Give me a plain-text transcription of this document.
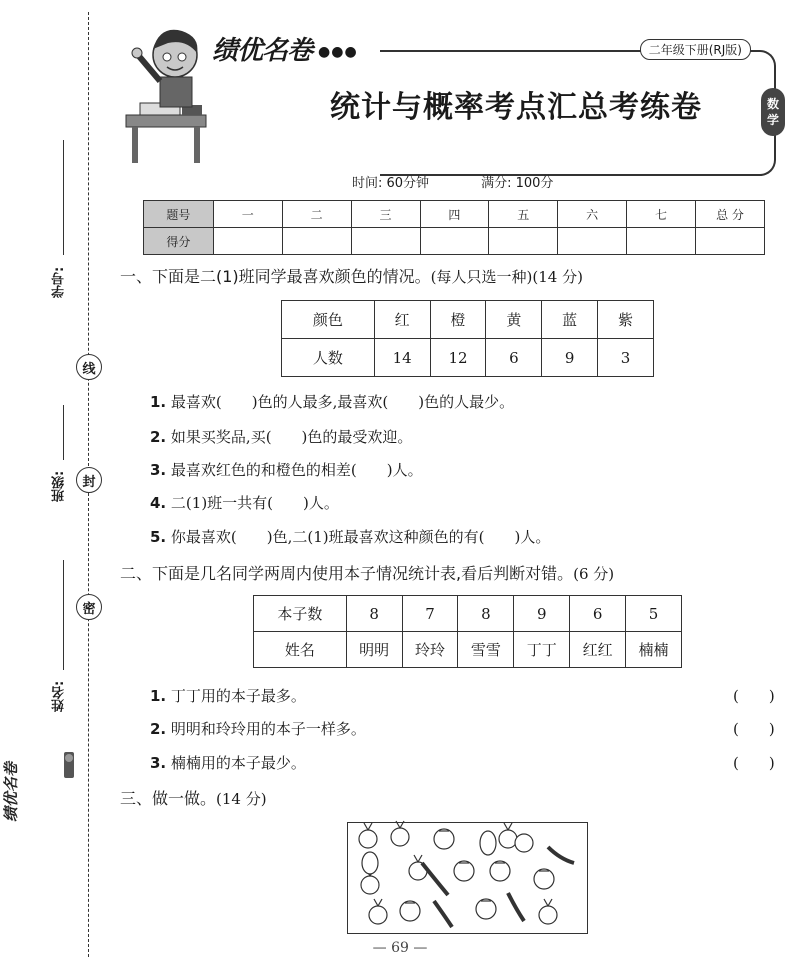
学号:
班级:
姓名:
线
封
密
绩优名卷
绩优名卷 ●●●	二年级下册(RJ版)
统计与概率考点汇总考练卷	数
学
时间: 60分钟	满分: 100分
题号	一	二	三	四	五	六	七	总 分
得分								
一、下面是二(1)班同学最喜欢颜色的情况。(每人只选一种)(14 分)
颜色	红	橙	黄	蓝	紫
人数	14	12	6	9	3
1. 最喜欢(　　)色的人最多,最喜欢(　　)色的人最少。
2. 如果买奖品,买(　　)色的最受欢迎。
3. 最喜欢红色的和橙色的相差(　　)人。
4. 二(1)班一共有(　　)人。
5. 你最喜欢(　　)色,二(1)班最喜欢这种颜色的有(　　)人。
二、下面是几名同学两周内使用本子情况统计表,看后判断对错。(6 分)
本子数	8	7	8	9	6	5
姓名	明明	玲玲	雪雪	丁丁	红红	楠楠
1. 丁丁用的本子最多。	(　　)
2. 明明和玲玲用的本子一样多。	(　　)
3. 楠楠用的本子最少。	(　　)
三、做一做。(14 分)
— 69 —
